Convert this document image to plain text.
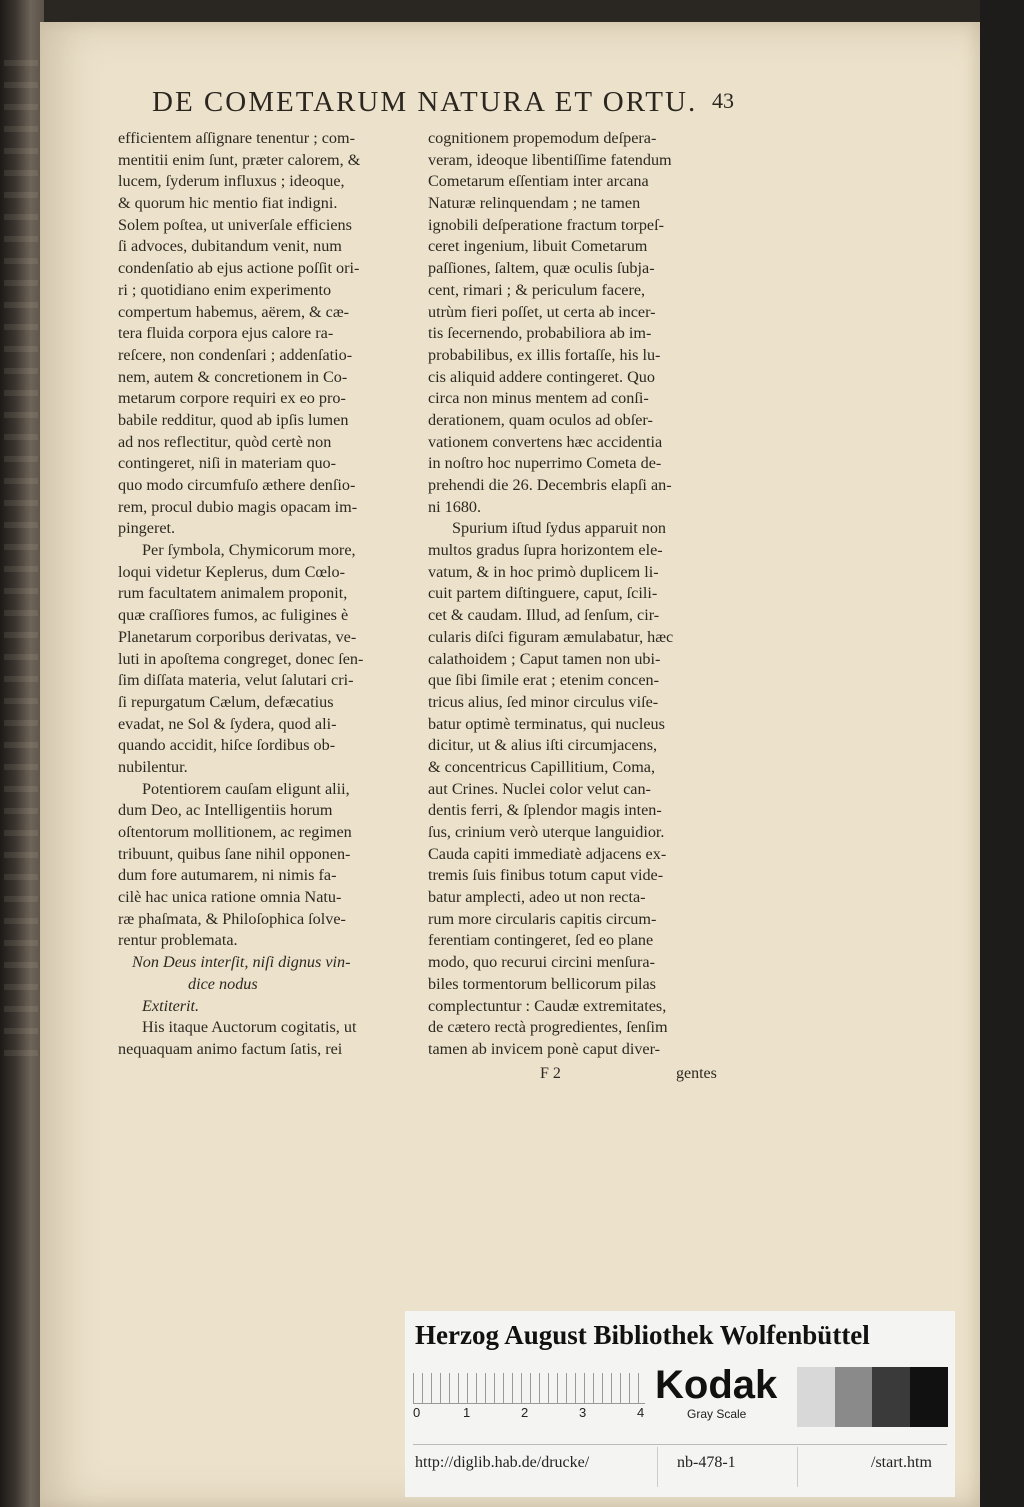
DE COMETARUM NATURA ET ORTU. 43
efficientem aſſignare tenentur ; com-
mentitii enim ſunt, præter calorem, &
lucem, ſyderum influxus ; ideoque,
& quorum hic mentio fiat indigni.
Solem poſtea, ut univerſale efficiens
ſi advoces, dubitandum venit, num
condenſatio ab ejus actione poſſit ori-
ri ; quotidiano enim experimento
compertum habemus, aërem, & cæ-
tera fluida corpora ejus calore ra-
reſcere, non condenſari ; addenſatio-
nem, autem & concretionem in Co-
metarum corpore requiri ex eo pro-
babile redditur, quod ab ipſis lumen
ad nos reflectitur, quòd certè non
contingeret, niſi in materiam quo-
quo modo circumfuſo æthere denſio-
rem, procul dubio magis opacam im-
pingeret.
Per ſymbola, Chymicorum more,
loqui videtur Keplerus, dum Cœlo-
rum facultatem animalem proponit,
quæ craſſiores fumos, ac fuligines è
Planetarum corporibus derivatas, ve-
luti in apoſtema congreget, donec ſen-
ſim diſſata materia, velut ſalutari cri-
ſi repurgatum Cælum, defæcatius
evadat, ne Sol & ſydera, quod ali-
quando accidit, hiſce ſordibus ob-
nubilentur.
Potentiorem cauſam eligunt alii,
dum Deo, ac Intelligentiis horum
oſtentorum mollitionem, ac regimen
tribuunt, quibus ſane nihil opponen-
dum fore autumarem, ni nimis fa-
cilè hac unica ratione omnia Natu-
ræ phaſmata, & Philoſophica ſolve-
rentur problemata.
Non Deus interſit, niſi dignus vin-
dice nodus
Extiterit.
His itaque Auctorum cogitatis, ut
nequaquam animo factum ſatis, rei
cognitionem propemodum deſpera-
veram, ideoque libentiſſime fatendum
Cometarum eſſentiam inter arcana
Naturæ relinquendam ; ne tamen
ignobili deſperatione fractum torpeſ-
ceret ingenium, libuit Cometarum
paſſiones, ſaltem, quæ oculis ſubja-
cent, rimari ; & periculum facere,
utrùm fieri poſſet, ut certa ab incer-
tis ſecernendo, probabiliora ab im-
probabilibus, ex illis fortaſſe, his lu-
cis aliquid addere contingeret. Quo
circa non minus mentem ad conſi-
derationem, quam oculos ad obſer-
vationem convertens hæc accidentia
in noſtro hoc nuperrimo Cometa de-
prehendi die 26. Decembris elapſi an-
ni 1680.
Spurium iſtud ſydus apparuit non
multos gradus ſupra horizontem ele-
vatum, & in hoc primò duplicem li-
cuit partem diſtinguere, caput, ſcili-
cet & caudam. Illud, ad ſenſum, cir-
cularis diſci figuram æmulabatur, hæc
calathoidem ; Caput tamen non ubi-
que ſibi ſimile erat ; etenim concen-
tricus alius, ſed minor circulus viſe-
batur optimè terminatus, qui nucleus
dicitur, ut & alius iſti circumjacens,
& concentricus Capillitium, Coma,
aut Crines. Nuclei color velut can-
dentis ferri, & ſplendor magis inten-
ſus, crinium verò uterque languidior.
Cauda capiti immediatè adjacens ex-
tremis ſuis finibus totum caput vide-
batur amplecti, adeo ut non recta-
rum more circularis capitis circum-
ferentiam contingeret, ſed eo plane
modo, quo recurui circini menſura-
biles tormentorum bellicorum pilas
complectuntur : Caudæ extremitates,
de cætero rectà progredientes, ſenſim
tamen ab invicem ponè caput diver-
F 2	gentes
Herzog August Bibliothek Wolfenbüttel
0	1	2	3	4
Kodak
Gray Scale
http://diglib.hab.de/drucke/	nb-478-1	/start.htm
